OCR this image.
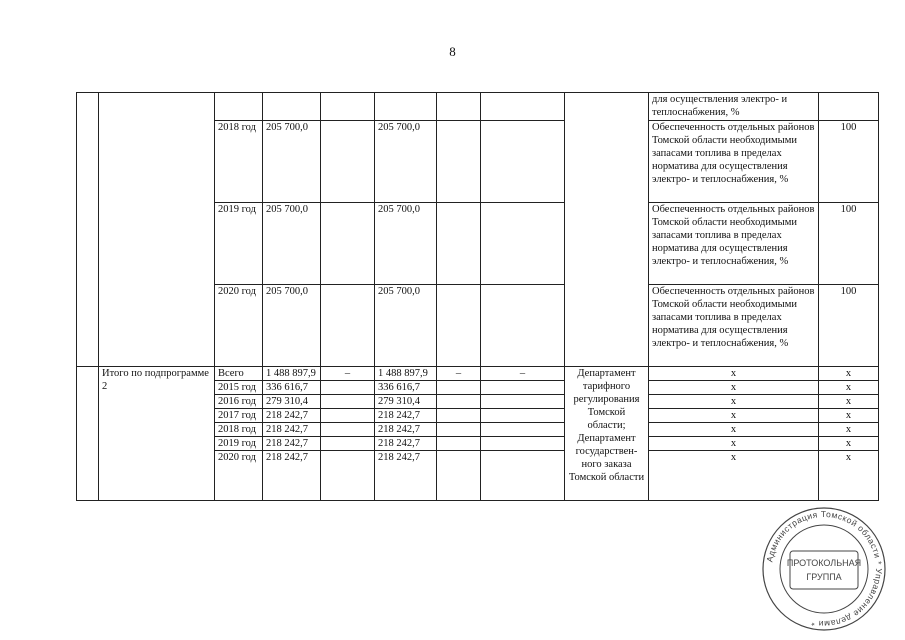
8
									для осуществления электро- и теплоснабжения, %	
		2018 год	205 700,0		205 700,0				Обеспеченность отдельных районов Томской области необходимыми запасами топлива в пределах норматива для осуществления электро- и теплоснабжения, %	100
		2019 год	205 700,0		205 700,0				Обеспеченность отдельных районов Томской области необходимыми запасами топлива в пределах норматива для осуществления электро- и теплоснабжения, %	100
		2020 год	205 700,0		205 700,0				Обеспеченность отдельных районов Томской области необходимыми запасами топлива в пределах норматива для осуществления электро- и теплоснабжения, %	100
	Итого по подпрограмме 2	Всего	1 488 897,9	–	1 488 897,9	–	–	Департамент тарифного регулирования Томской области; Департамент государствен-ного заказа Томской области	х	х
		2015 год	336 616,7		336 616,7				х	х
		2016 год	279 310,4		279 310,4				х	х
		2017 год	218 242,7		218 242,7				х	х
		2018 год	218 242,7		218 242,7				х	х
		2019 год	218 242,7		218 242,7				х	х
		2020 год	218 242,7		218 242,7				х	х
Администрация Томской области * Управление делами *
ПРОТОКОЛЬНАЯ
ГРУППА
